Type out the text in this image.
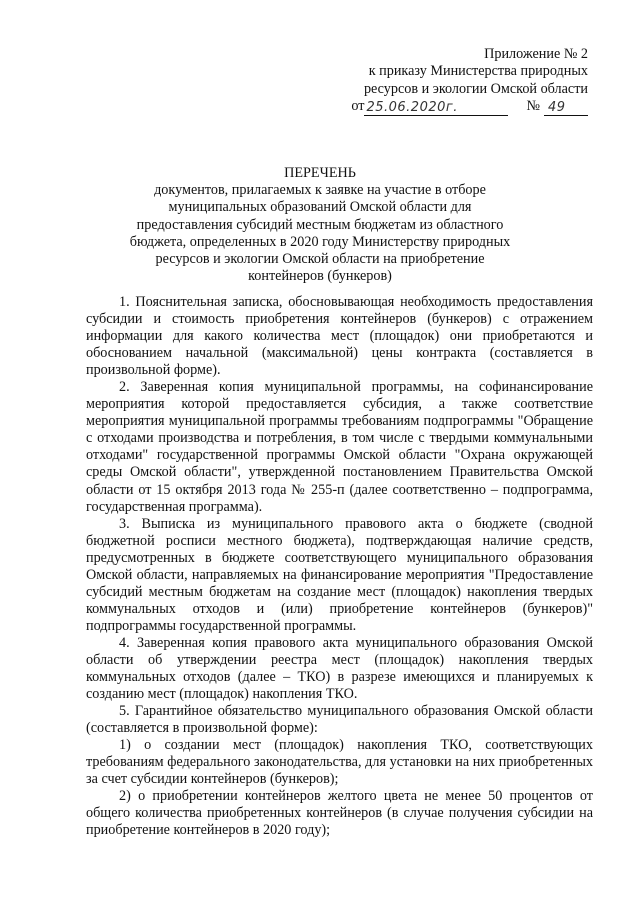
Приложение № 2
к приказу Министерства природных
ресурсов и экологии Омской области
от 25.06.2020г.	№ 49
ПЕРЕЧЕНЬ
документов, прилагаемых к заявке на участие в отборе муниципальных образований Омской области для предоставления субсидий местным бюджетам из областного бюджета, определенных в 2020 году Министерству природных ресурсов и экологии Омской области на приобретение контейнеров (бункеров)

1. Пояснительная записка, обосновывающая необходимость предоставления субсидии и стоимость приобретения контейнеров (бункеров) с отражением информации для какого количества мест (площадок) они приобретаются и обоснованием начальной (максимальной) цены контракта (составляется в произвольной форме).

2. Заверенная копия муниципальной программы, на софинансирование мероприятия которой предоставляется субсидия, а также соответствие мероприятия муниципальной программы требованиям подпрограммы "Обращение с отходами производства и потребления, в том числе с твердыми коммунальными отходами" государственной программы Омской области "Охрана окружающей среды Омской области", утвержденной постановлением Правительства Омской области от 15 октября 2013 года № 255-п (далее соответственно – подпрограмма, государственная программа).

3. Выписка из муниципального правового акта о бюджете (сводной бюджетной росписи местного бюджета), подтверждающая наличие средств, предусмотренных в бюджете соответствующего муниципального образования Омской области, направляемых на финансирование мероприятия "Предоставление субсидий местным бюджетам на создание мест (площадок) накопления твердых коммунальных отходов и (или) приобретение контейнеров (бункеров)" подпрограммы государственной программы.

4. Заверенная копия правового акта муниципального образования Омской области об утверждении реестра мест (площадок) накопления твердых коммунальных отходов (далее – ТКО) в разрезе имеющихся и планируемых к созданию мест (площадок) накопления ТКО.

5. Гарантийное обязательство муниципального образования Омской области (составляется в произвольной форме):

1) о создании мест (площадок) накопления ТКО, соответствующих требованиям федерального законодательства, для установки на них приобретенных за счет субсидии контейнеров (бункеров);

2) о приобретении контейнеров желтого цвета не менее 50 процентов от общего количества приобретенных контейнеров (в случае получения субсидии на приобретение контейнеров в 2020 году);
